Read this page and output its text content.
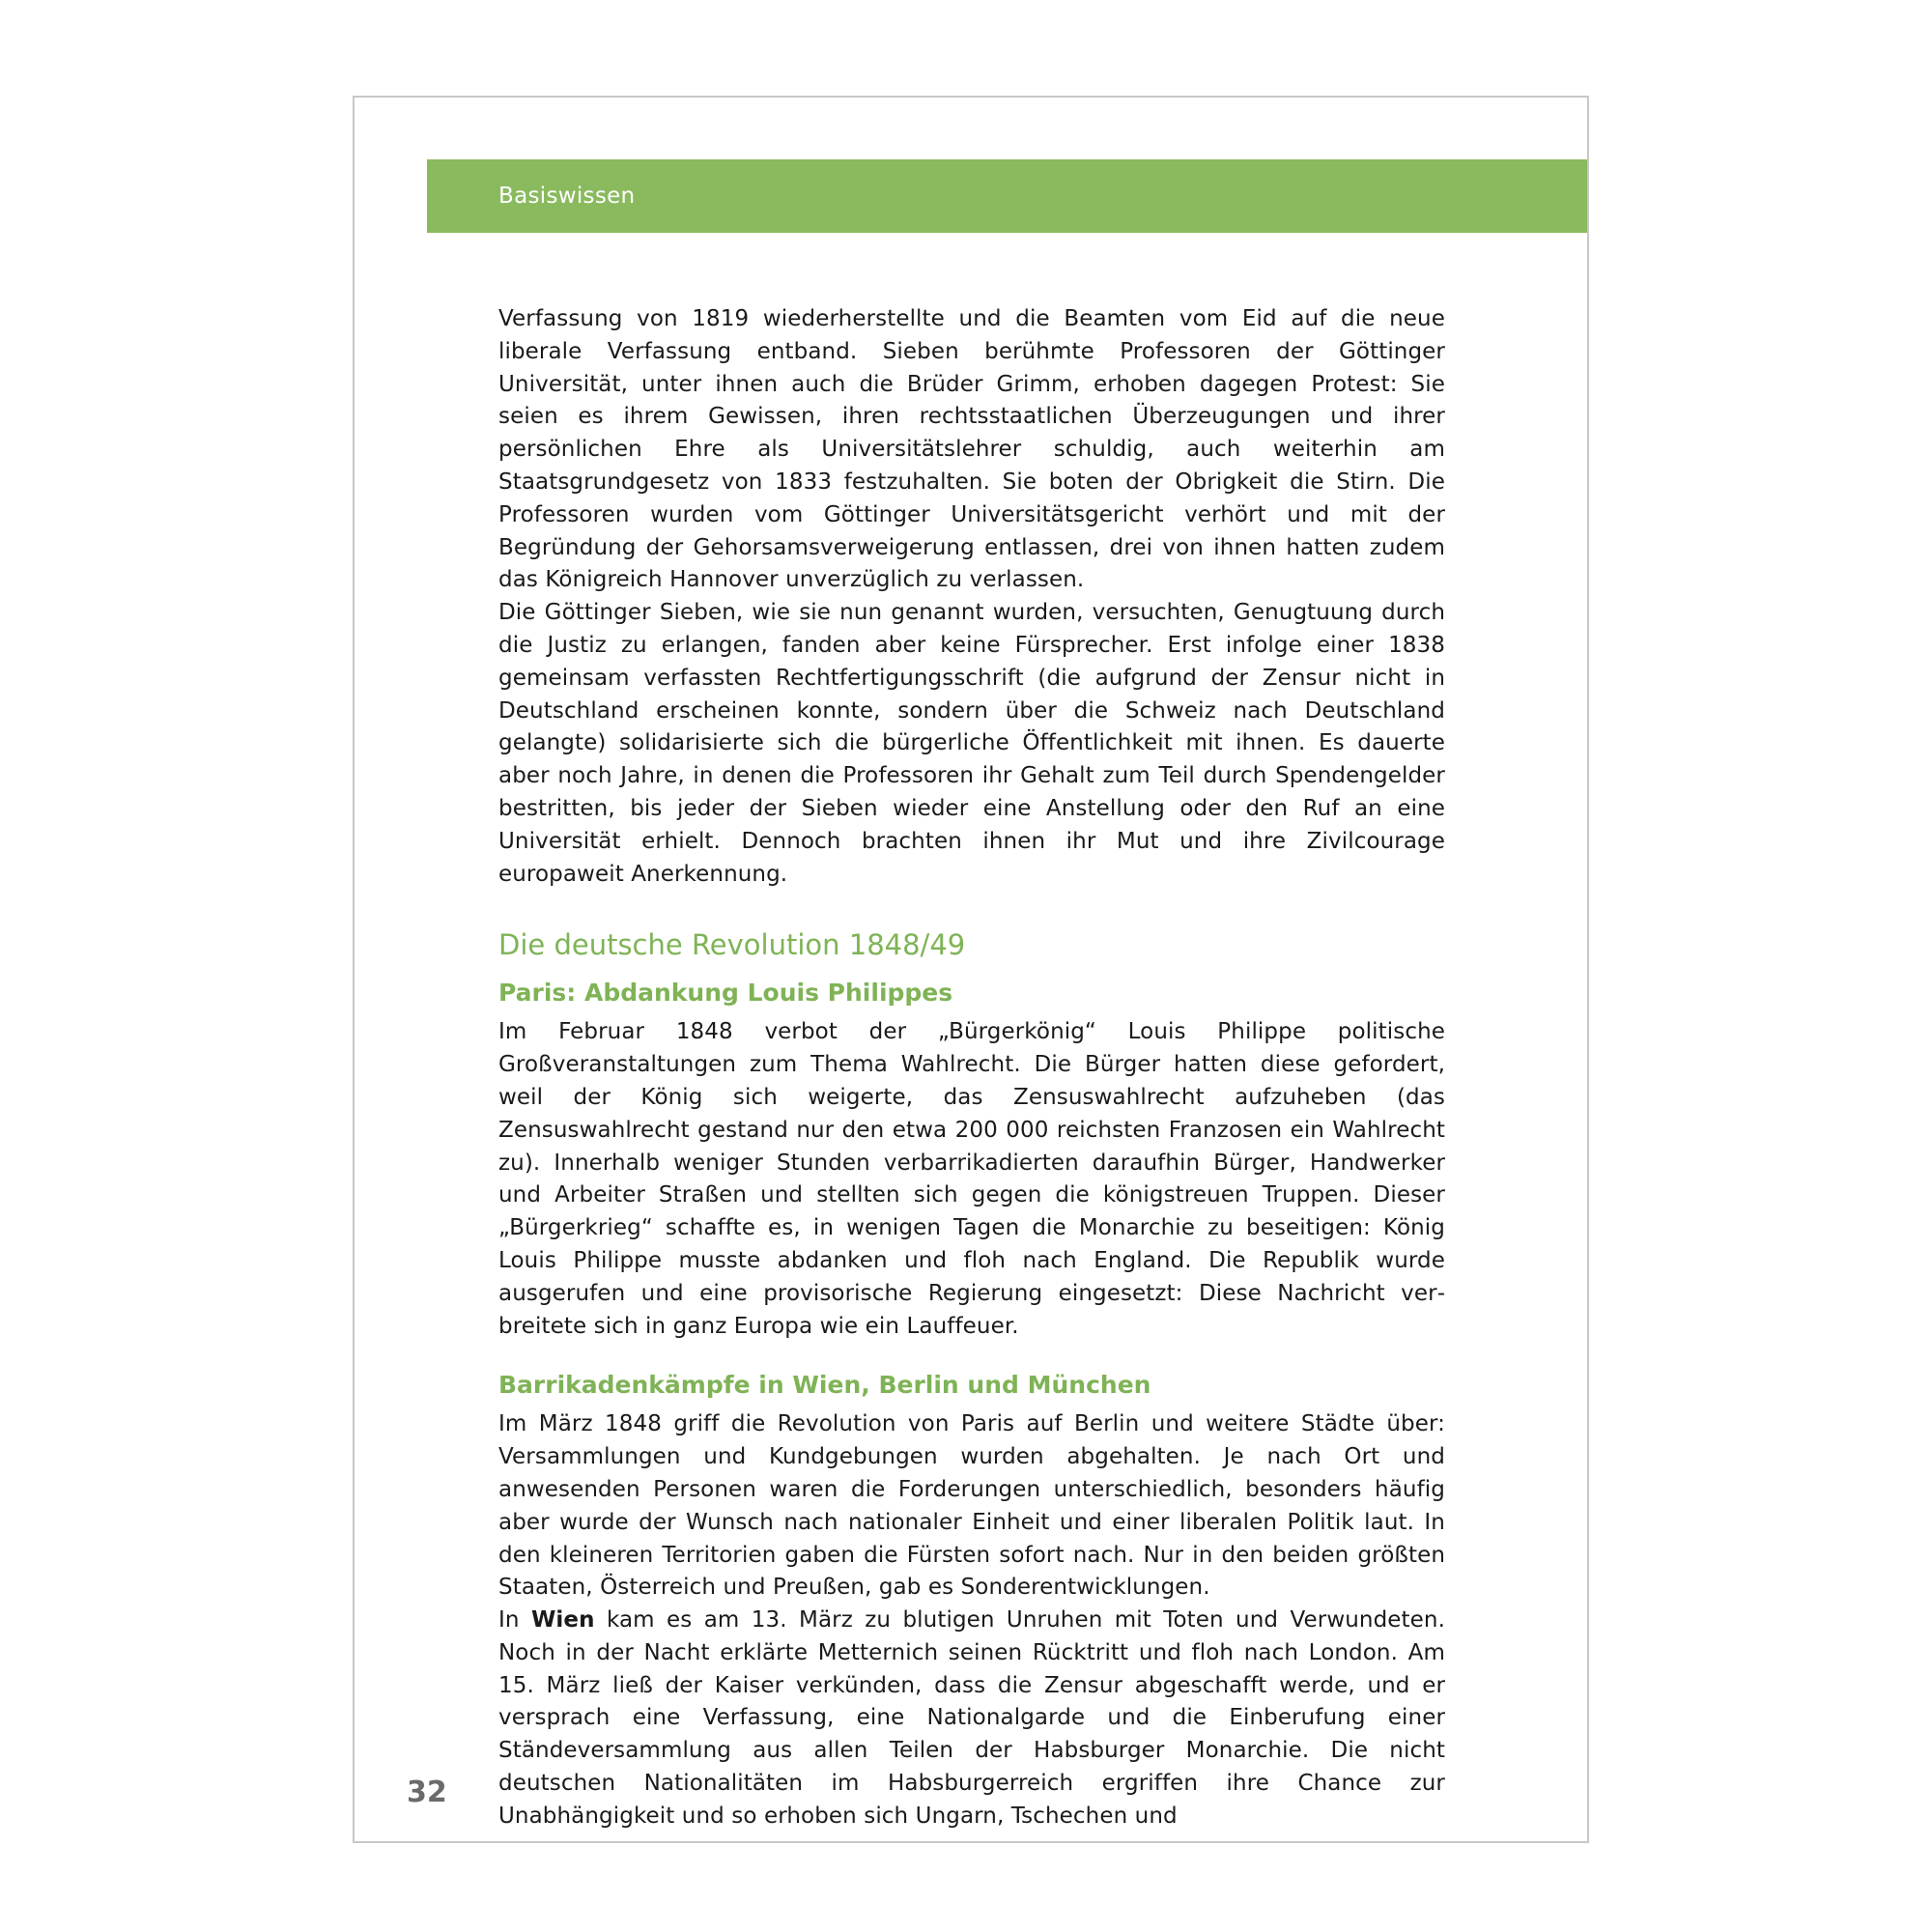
Basiswissen

Verfassung von 1819 wiederherstellte und die Beamten vom Eid auf die neue liberale Verfassung entband. Sieben berühmte Professoren der Göttinger Universität, unter ihnen auch die Brüder Grimm, erhoben dagegen Protest: Sie seien es ihrem Gewissen, ihren rechtsstaatlichen Überzeugungen und ihrer persönlichen Ehre als Universitätslehrer schuldig, auch weiterhin am Staatsgrundgesetz von 1833 festzuhalten. Sie boten der Obrigkeit die Stirn. Die Professoren wurden vom Göttinger Universitätsgericht verhört und mit der Begründung der Gehorsamsverweigerung entlassen, drei von ihnen hatten zudem das Königreich Hannover unverzüglich zu verlassen.

Die Göttinger Sieben, wie sie nun genannt wurden, versuchten, Genugtuung durch die Justiz zu erlangen, fanden aber keine Fürsprecher. Erst infolge einer 1838 gemeinsam verfassten Rechtfertigungsschrift (die aufgrund der Zensur nicht in Deutschland erscheinen konnte, sondern über die Schweiz nach Deutschland gelangte) solidarisierte sich die bürgerliche Öffentlichkeit mit ihnen. Es dauerte aber noch Jahre, in denen die Professoren ihr Gehalt zum Teil durch Spendengelder bestritten, bis jeder der Sieben wieder eine Anstellung oder den Ruf an eine Universität erhielt. Dennoch brachten ihnen ihr Mut und ihre Zivilcourage europaweit Anerkennung.

Die deutsche Revolution 1848/49
Paris: Abdankung Louis Philippes

Im Februar 1848 verbot der „Bürgerkönig“ Louis Philippe politische Großveranstaltungen zum Thema Wahlrecht. Die Bürger hatten diese gefordert, weil der König sich weigerte, das Zensuswahlrecht aufzuheben (das Zensuswahlrecht gestand nur den etwa 200 000 reichsten Franzosen ein Wahlrecht zu). Innerhalb weniger Stunden verbarrikadierten daraufhin Bürger, Handwerker und Arbeiter Straßen und stellten sich gegen die königstreuen Truppen. Dieser „Bürgerkrieg“ schaffte es, in wenigen Tagen die Monarchie zu beseitigen: König Louis Philippe musste abdanken und floh nach England. Die Republik wurde ausgerufen und eine provisorische Regierung eingesetzt: Diese Nachricht verbreitete sich in ganz Europa wie ein Lauffeuer.

Barrikadenkämpfe in Wien, Berlin und München

Im März 1848 griff die Revolution von Paris auf Berlin und weitere Städte über: Versammlungen und Kundgebungen wurden abgehalten. Je nach Ort und anwesenden Personen waren die Forderungen unterschiedlich, besonders häufig aber wurde der Wunsch nach nationaler Einheit und einer liberalen Politik laut. In den kleineren Territorien gaben die Fürsten sofort nach. Nur in den beiden größten Staaten, Österreich und Preußen, gab es Sonderentwicklungen.

In Wien kam es am 13. März zu blutigen Unruhen mit Toten und Verwundeten. Noch in der Nacht erklärte Metternich seinen Rücktritt und floh nach London. Am 15. März ließ der Kaiser verkünden, dass die Zensur abgeschafft werde, und er versprach eine Verfassung, eine Nationalgarde und die Einberufung einer Ständeversammlung aus allen Teilen der Habsburger Monarchie. Die nicht deutschen Nationalitäten im Habsburgerreich ergriffen ihre Chance zur Unabhängigkeit und so erhoben sich Ungarn, Tschechen und

32
